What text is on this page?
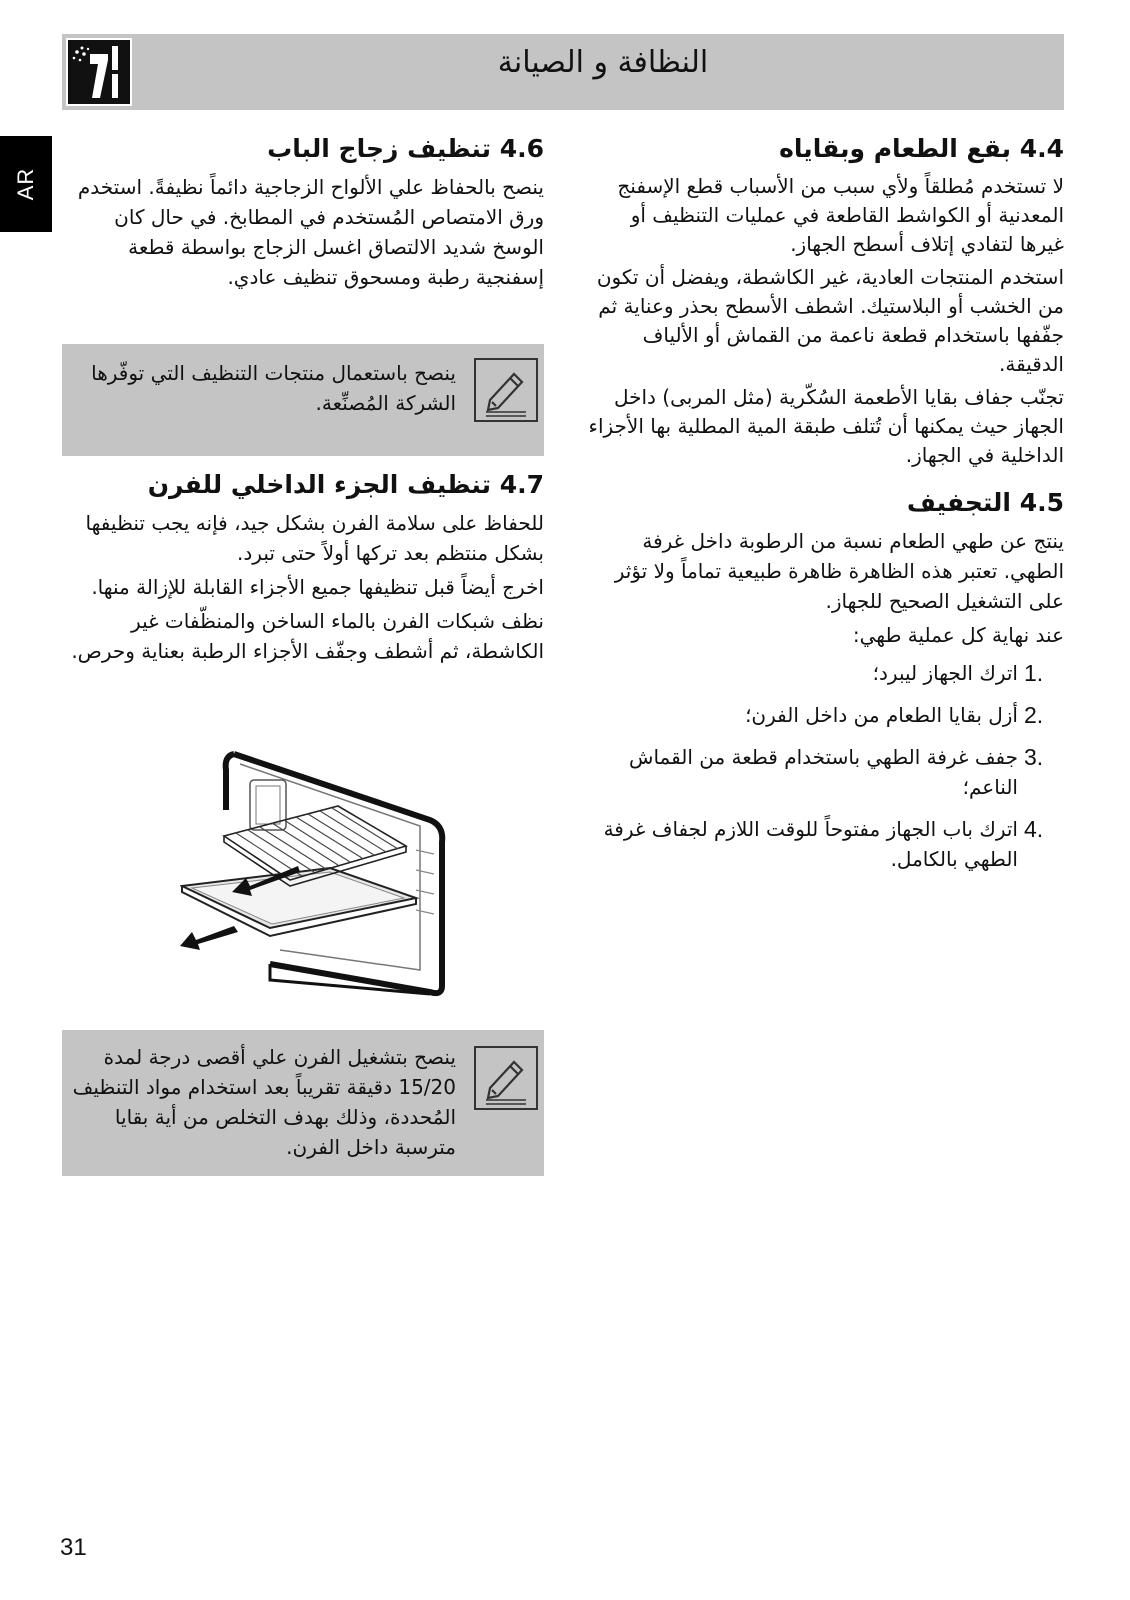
النظافة و الصيانة
AR
4.4 بقع الطعام وبقاياه

لا تستخدم مُطلقاً ولأي سبب من الأسباب قطع الإسفنج المعدنية أو الكواشط القاطعة في عمليات التنظيف أو غيرها لتفادي إتلاف أسطح الجهاز.

استخدم المنتجات العادية، غير الكاشطة، ويفضل أن تكون من الخشب أو البلاستيك. اشطف الأسطح بحذر وعناية ثم جفّفها باستخدام قطعة ناعمة من القماش أو الألياف الدقيقة.

تجنّب جفاف بقايا الأطعمة السُكّرية (مثل المربى) داخل الجهاز حيث يمكنها أن تُتلف طبقة المية المطلية بها الأجزاء الداخلية في الجهاز.

4.5 التجفيف

ينتج عن طهي الطعام نسبة من الرطوبة داخل غرفة الطهي. تعتبر هذه الظاهرة ظاهرة طبيعية تماماً ولا تؤثر على التشغيل الصحيح للجهاز.

عند نهاية كل عملية طهي:

1.
اترك الجهاز ليبرد؛
2.
أزل بقايا الطعام من داخل الفرن؛
3.
جفف غرفة الطهي باستخدام قطعة من القماش الناعم؛
4.
اترك باب الجهاز مفتوحاً للوقت اللازم لجفاف غرفة الطهي بالكامل.
4.6 تنظيف زجاج الباب

ينصح بالحفاظ علي الألواح الزجاجية دائماً نظيفةً. استخدم ورق الامتصاص المُستخدم في المطابخ. في حال كان الوسخ شديد الالتصاق اغسل الزجاج بواسطة قطعة إسفنجية رطبة ومسحوق تنظيف عادي.

ينصح باستعمال منتجات التنظيف التي توفّرها الشركة المُصنِّعة.
4.7 تنظيف الجزء الداخلي للفرن

للحفاظ على سلامة الفرن بشكل جيد، فإنه يجب تنظيفها بشكل منتظم بعد تركها أولاً حتى تبرد.

اخرج أيضاً قبل تنظيفها جميع الأجزاء القابلة للإزالة منها.

نظف شبكات الفرن بالماء الساخن والمنظّفات غير الكاشطة، ثم أشطف وجفّف الأجزاء الرطبة بعناية وحرص.

ينصح بتشغيل الفرن علي أقصى درجة لمدة 15/20 دقيقة تقريباً بعد استخدام مواد التنظيف المُحددة، وذلك بهدف التخلص من أية بقايا مترسبة داخل الفرن.
31
